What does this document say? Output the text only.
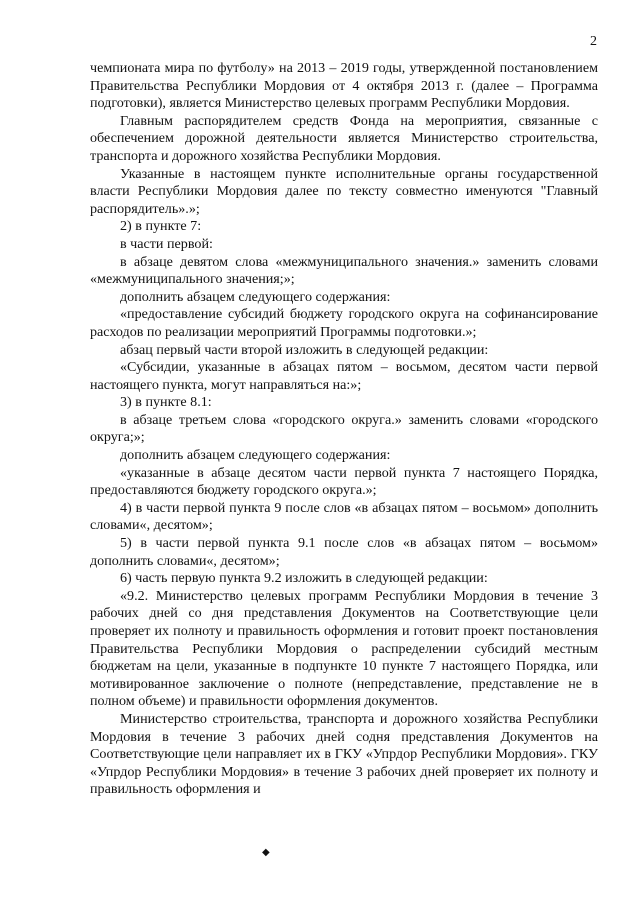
2

чемпионата мира по футболу» на 2013 – 2019 годы, утвержденной постановлением Правительства Республики Мордовия от 4 октября 2013 г. (далее – Программа подготовки), является Министерство целевых программ Республики Мордовия.

Главным распорядителем средств Фонда на мероприятия, связанные с обеспечением дорожной деятельности является Министерство строительства, транспорта и дорожного хозяйства Республики Мордовия.

Указанные в настоящем пункте исполнительные органы государственной власти Республики Мордовия далее по тексту совместно именуются "Главный распорядитель».»;

2) в пункте 7:

в части первой:

в абзаце девятом слова «межмуниципального значения.» заменить словами «межмуниципального значения;»;

дополнить абзацем следующего содержания:

«предоставление субсидий бюджету городского округа на софинансирование расходов по реализации мероприятий Программы подготовки.»;

абзац первый части второй изложить в следующей редакции:

«Субсидии, указанные в абзацах пятом – восьмом, десятом части первой настоящего пункта, могут направляться на:»;

3) в пункте 8.1:

в абзаце третьем слова «городского округа.» заменить словами «городского округа;»;

дополнить абзацем следующего содержания:

«указанные в абзаце десятом части первой пункта 7 настоящего Порядка, предоставляются бюджету городского округа.»;

4) в части первой пункта 9 после слов «в абзацах пятом – восьмом» дополнить словами«, десятом»;

5) в части первой пункта 9.1 после слов «в абзацах пятом – восьмом» дополнить словами«, десятом»;

6) часть первую пункта 9.2 изложить в следующей редакции:

«9.2. Министерство целевых программ Республики Мордовия в течение 3 рабочих дней со дня представления Документов на Соответствующие цели проверяет их полноту и правильность оформления и готовит проект постановления Правительства Республики Мордовия о распределении субсидий местным бюджетам на цели, указанные в подпункте 10 пункте 7 настоящего Порядка, или мотивированное заключение о полноте (непредставление, представление не в полном объеме) и правильности оформления документов.

Министерство строительства, транспорта и дорожного хозяйства Республики Мордовия в течение 3 рабочих дней содня представления Документов на Соответствующие цели направляет их в ГКУ «Упрдор Республики Мордовия». ГКУ «Упрдор Республики Мордовия» в течение 3 рабочих дней проверяет их полноту и правильность оформления и

◆
